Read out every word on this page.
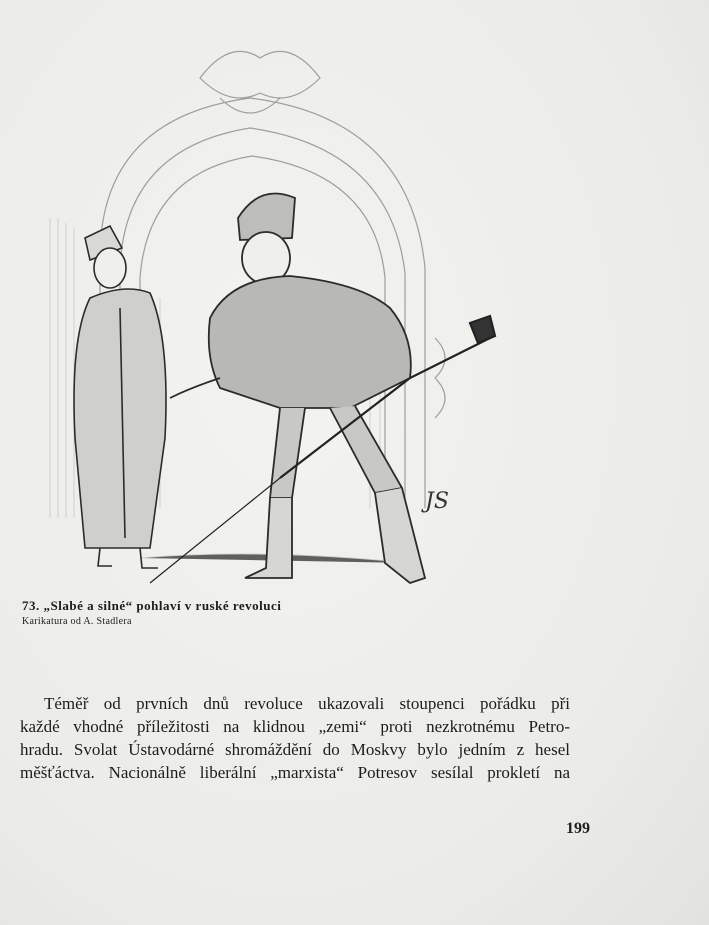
JS
73. „Slabé a silné“ pohlaví v ruské revoluci
Karikatura od A. Stadlera
Téměř od prvních dnů revoluce ukazovali stoupenci pořádku při
každé vhodné příležitosti na klidnou „zemi“ proti nezkrotnému Petro-
hradu. Svolat Ústavodárné shromáždění do Moskvy bylo jedním z hesel
měšťáctva. Nacionálně liberální „marxista“ Potresov sesílal prokletí na
199
